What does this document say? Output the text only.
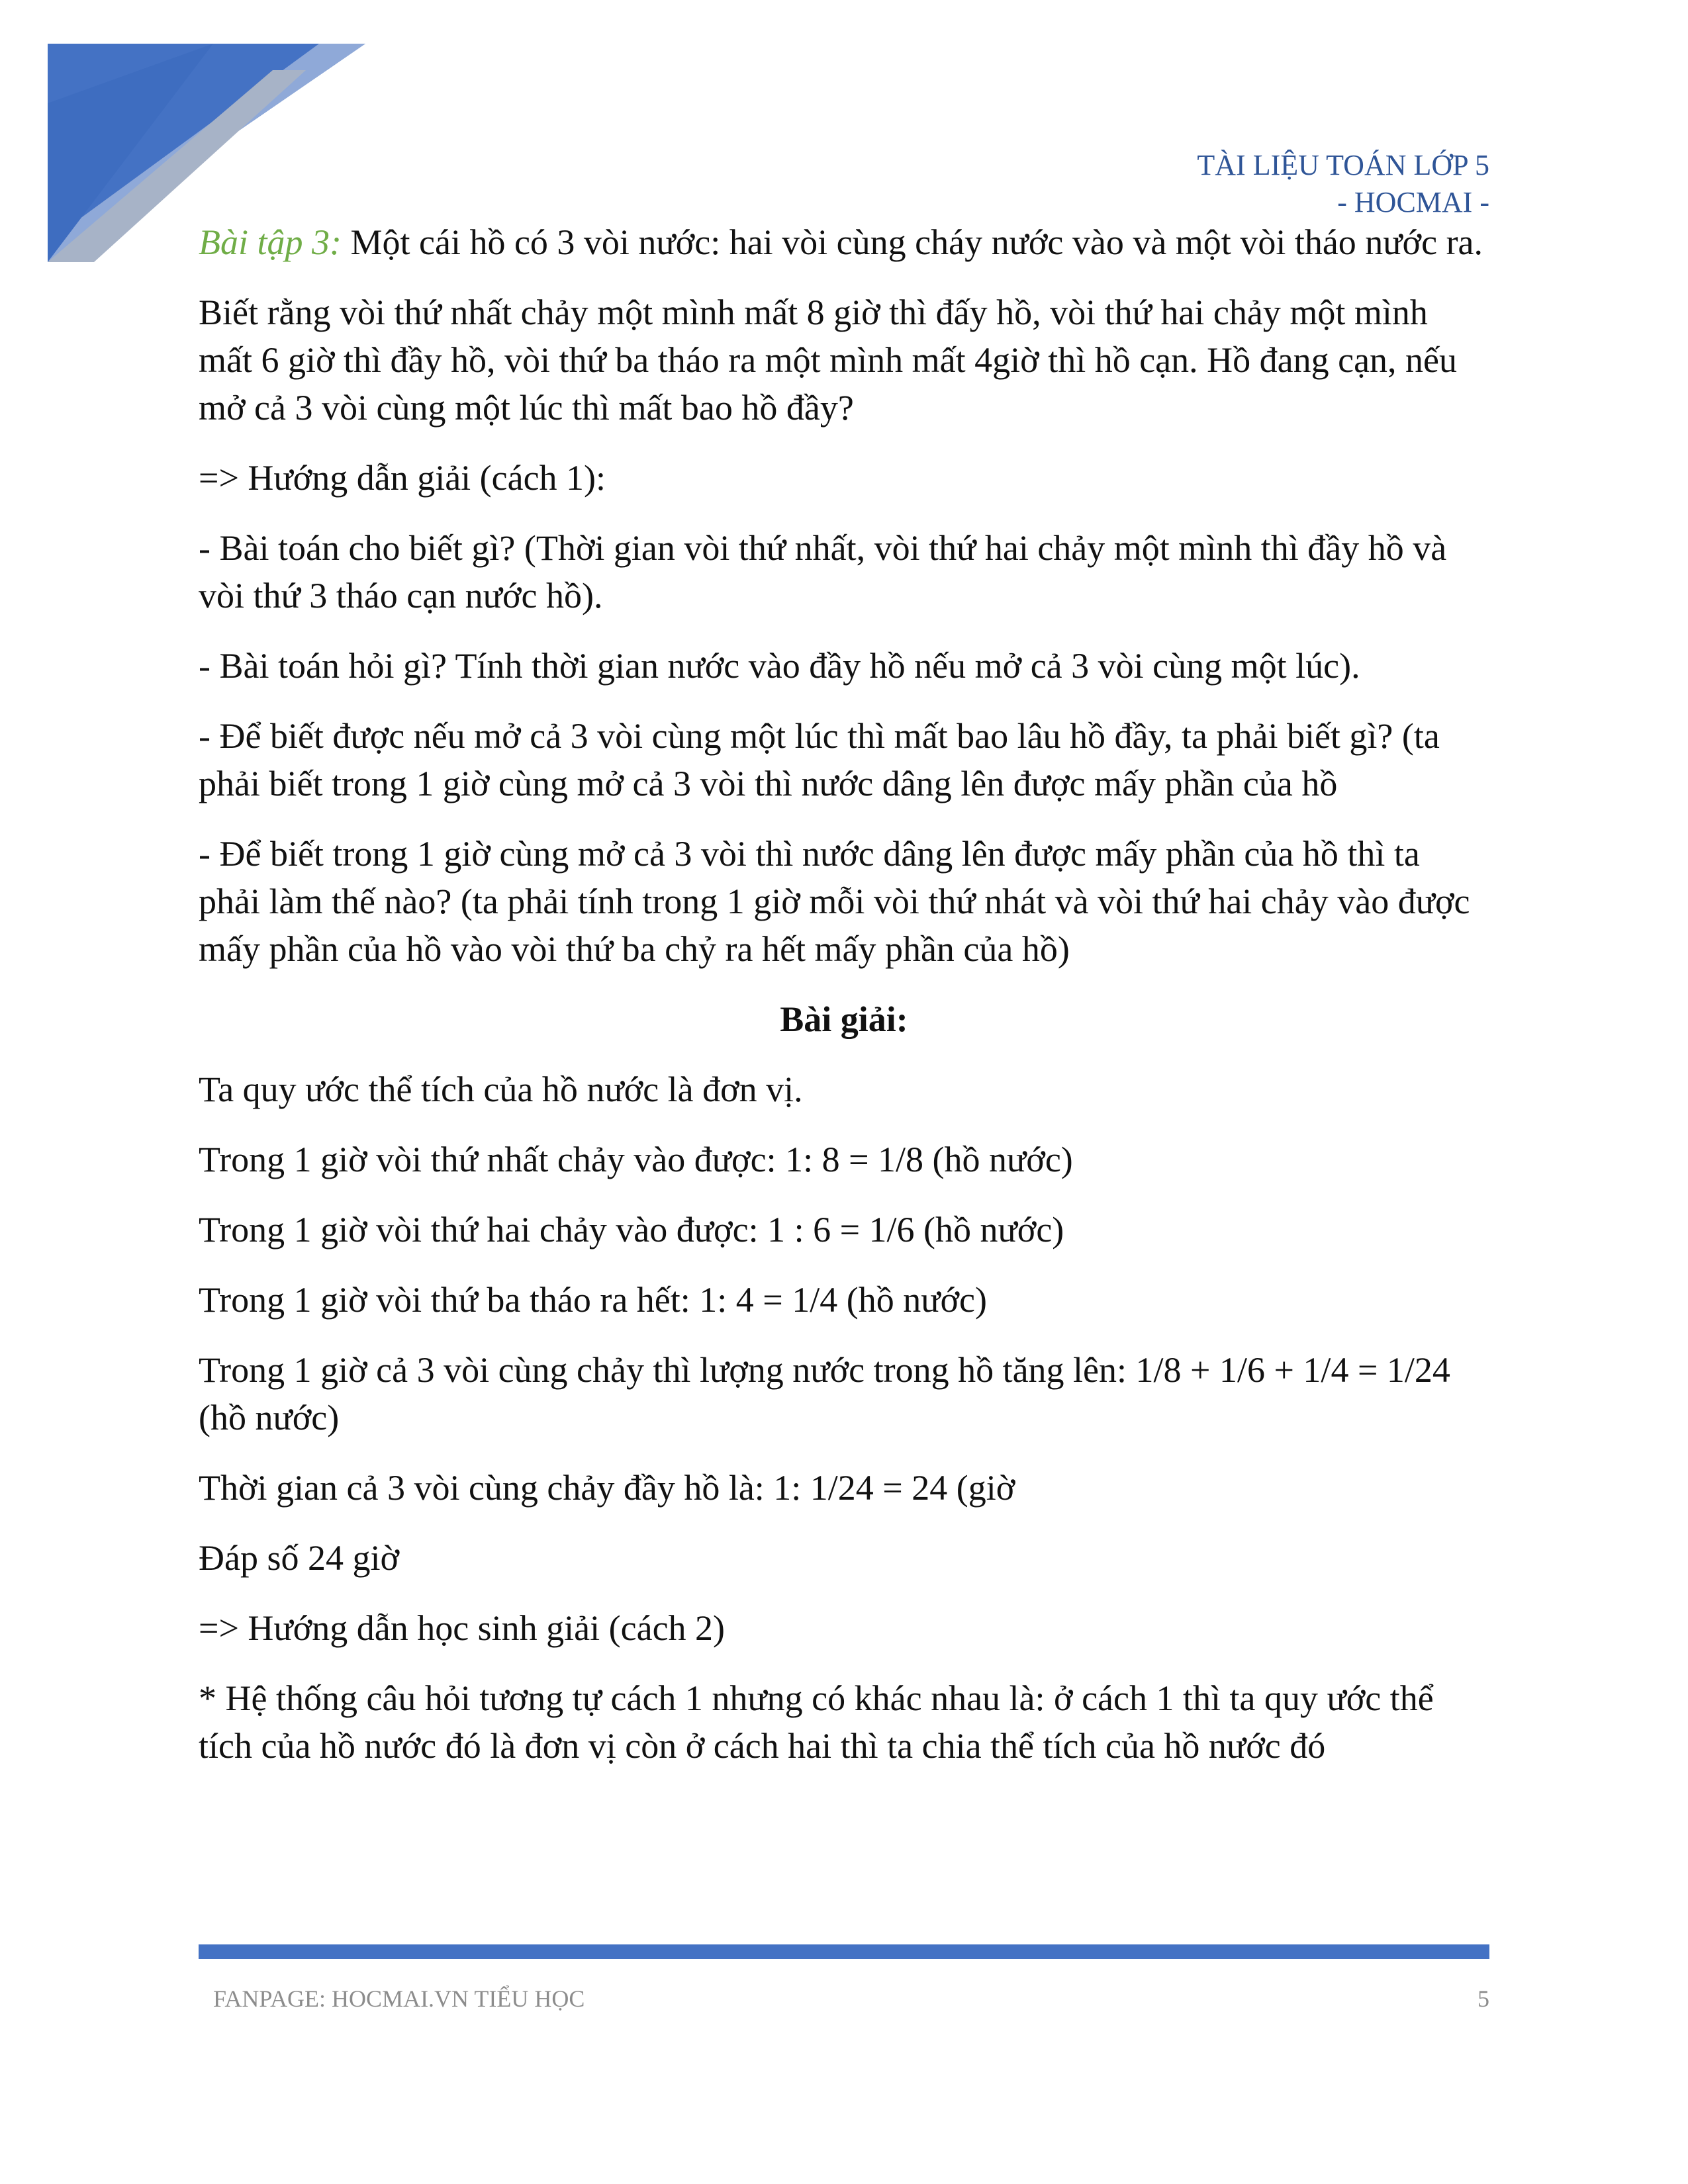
TÀI LIỆU TOÁN LỚP 5
- HOCMAI -

Bài tập 3: Một cái hồ có 3 vòi nước: hai vòi cùng cháy nước vào và một vòi tháo nước ra.

Biết rằng vòi thứ nhất chảy một mình mất 8 giờ thì đấy hồ, vòi thứ hai chảy một mình mất 6 giờ thì đầy hồ, vòi thứ ba tháo ra một mình mất 4giờ thì hồ cạn. Hồ đang cạn, nếu mở cả 3 vòi cùng một lúc thì mất bao hồ đầy?

=> Hướng dẫn giải (cách 1):

- Bài toán cho biết gì? (Thời gian vòi thứ nhất, vòi thứ hai chảy một mình thì đầy hồ và vòi thứ 3 tháo cạn nước hồ).

- Bài toán hỏi gì? Tính thời gian nước vào đầy hồ nếu mở cả 3 vòi cùng một lúc).

- Để biết được nếu mở cả 3 vòi cùng một lúc thì mất bao lâu hồ đầy, ta phải biết gì? (ta phải biết trong 1 giờ cùng mở cả 3 vòi thì nước dâng lên được mấy phần của hồ

- Để biết trong 1 giờ cùng mở cả 3 vòi thì nước dâng lên được mấy phần của hồ thì ta phải làm thế nào? (ta phải tính trong 1 giờ mỗi vòi thứ nhát và vòi thứ hai chảy vào được mấy phần của hồ vào vòi thứ ba chỷ ra hết mấy phần của hồ)

Bài giải:

Ta quy ước thể tích của hồ nước là đơn vị.

Trong 1 giờ vòi thứ nhất chảy vào được: 1: 8 = 1/8 (hồ nước)

Trong 1 giờ vòi thứ hai chảy vào được: 1 : 6 = 1/6 (hồ nước)

Trong 1 giờ vòi thứ ba tháo ra hết: 1: 4 = 1/4 (hồ nước)

Trong 1 giờ cả 3 vòi cùng chảy thì lượng nước trong hồ tăng lên: 1/8 + 1/6 + 1/4 = 1/24 (hồ nước)

Thời gian cả 3 vòi cùng chảy đầy hồ là: 1: 1/24 = 24 (giờ

Đáp số 24 giờ

=> Hướng dẫn học sinh giải (cách 2)

* Hệ thống câu hỏi tương tự cách 1 nhưng có khác nhau là: ở cách 1 thì ta quy ước thể tích của hồ nước đó là đơn vị còn ở cách hai thì ta chia thể tích của hồ nước đó

FANPAGE: HOCMAI.VN TIỂU HỌC	5
